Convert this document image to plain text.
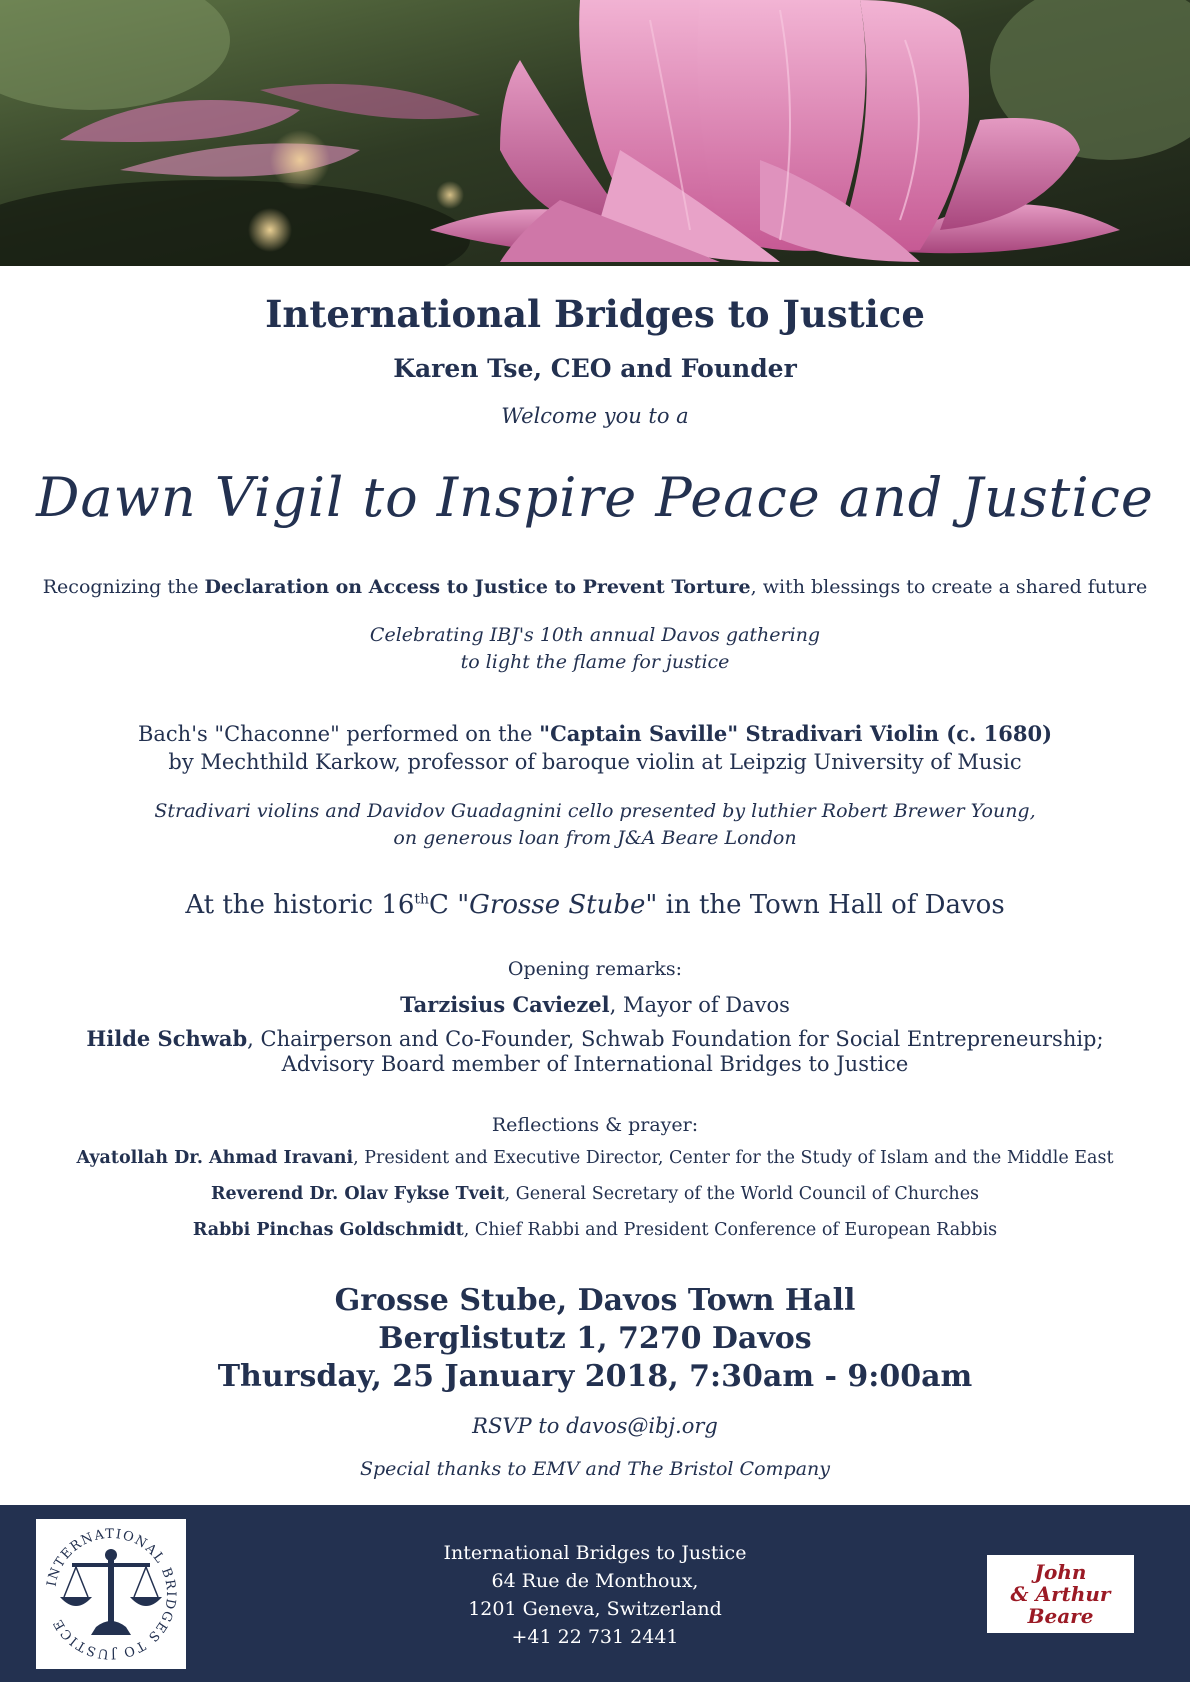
International Bridges to Justice
Karen Tse, CEO and Founder
Welcome you to a
Dawn Vigil to Inspire Peace and Justice
Recognizing the Declaration on Access to Justice to Prevent Torture, with blessings to create a shared future
Celebrating IBJ's 10th annual Davos gathering
to light the flame for justice
Bach's "Chaconne" performed on the "Captain Saville" Stradivari Violin (c. 1680)
by Mechthild Karkow, professor of baroque violin at Leipzig University of Music
Stradivari violins and Davidov Guadagnini cello presented by luthier Robert Brewer Young,
on generous loan from J&A Beare London
At the historic 16thC "Grosse Stube" in the Town Hall of Davos
Opening remarks:
Tarzisius Caviezel, Mayor of Davos
Hilde Schwab, Chairperson and Co-Founder, Schwab Foundation for Social Entrepreneurship;
Advisory Board member of International Bridges to Justice
Reflections & prayer:
Ayatollah Dr. Ahmad Iravani, President and Executive Director, Center for the Study of Islam and the Middle East
Reverend Dr. Olav Fykse Tveit, General Secretary of the World Council of Churches
Rabbi Pinchas Goldschmidt, Chief Rabbi and President Conference of European Rabbis
Grosse Stube, Davos Town Hall
Berglistutz 1, 7270 Davos
Thursday, 25 January 2018, 7:30am - 9:00am
RSVP to davos@ibj.org
Special thanks to EMV and The Bristol Company
INTERNATIONAL BRIDGES TO JUSTICE
International Bridges to Justice
64 Rue de Monthoux,
1201 Geneva, Switzerland
+41 22 731 2441
John
& Arthur
Beare
